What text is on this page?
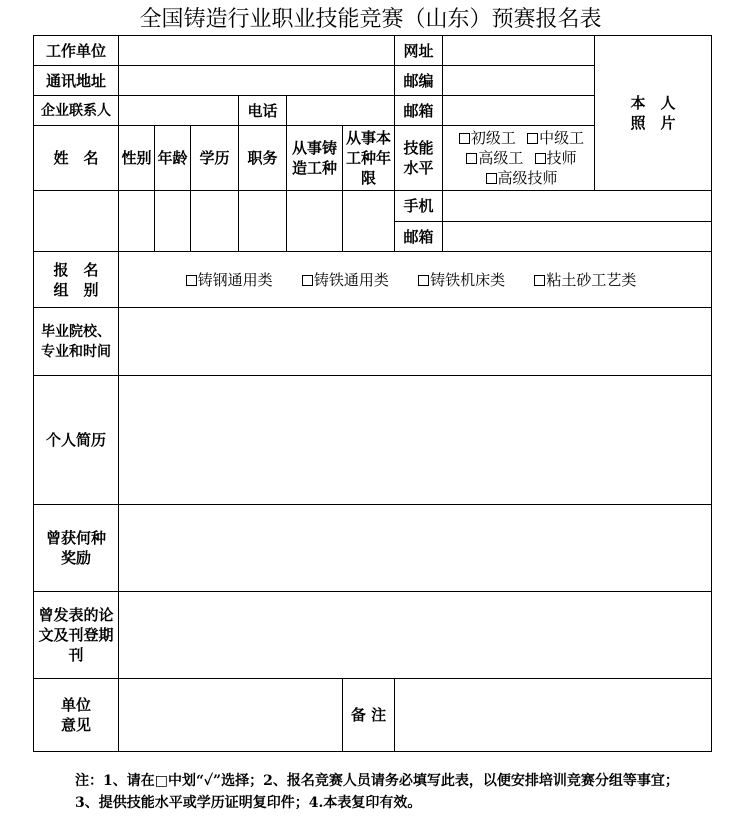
全国铸造行业职业技能竞赛（山东）预赛报名表
工作单位							网址		本　人
照　片

通讯地址							邮编		
企业联系人				电话			邮箱		
姓　名	性别	年龄	学历	职务	从事铸造工种	从事本工种年限	技能水平	初级工 中级工
高级工 技师
高级技师	
							手机		
							邮箱		
报　名
组　别	铸钢通用类 铸铁通用类 铸铁机床类 粘土砂工艺类								
毕业院校、专业和时间									
个人简历									
曾获何种奖励									
曾发表的论文及刊登期刊									
单位意见						备 注			
注：1、请在□中划“✓”选择；2、报名竞赛人员请务必填写此表，以便安排培训竞赛分组等事宜；3、提供技能水平或学历证明复印件；4.本表复印有效。
